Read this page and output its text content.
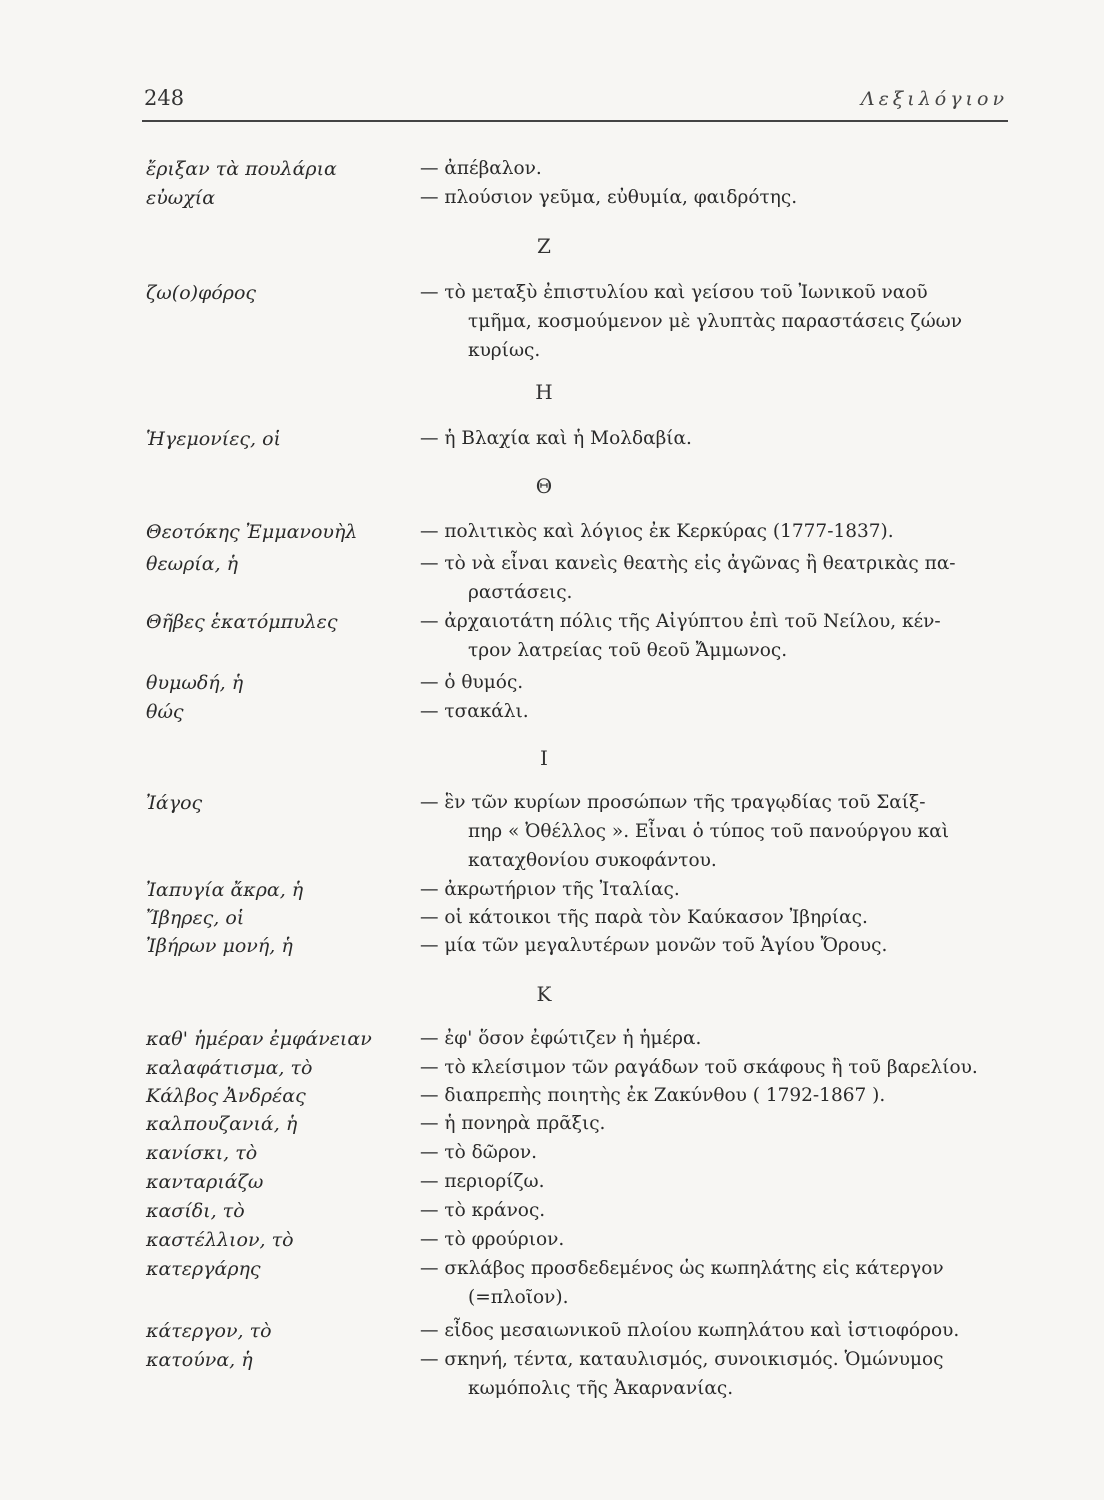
248	Λεξιλόγιον
ἔριξαν τὰ πουλάρια	— ἀπέβαλον.
εὐωχία	— πλούσιον γεῦμα, εὐθυμία, φαιδρότης.
Ζ
ζω(ο)φόρος	— τὸ μεταξὺ ἐπιστυλίου καὶ γείσου τοῦ Ἰωνικοῦ ναοῦ
τμῆμα, κοσμούμενον μὲ γλυπτὰς παραστάσεις ζώων
κυρίως.
Η
Ἡγεμονίες, οἱ	— ἡ Βλαχία καὶ ἡ Μολδαβία.
Θ
Θεοτόκης Ἐμμανουὴλ	— πολιτικὸς καὶ λόγιος ἐκ Κερκύρας (1777-1837).
θεωρία, ἡ	— τὸ νὰ εἶναι κανεὶς θεατὴς εἰς ἀγῶνας ἢ θεατρικὰς πα-
ραστάσεις.
Θῆβες ἑκατόμπυλες	— ἀρχαιοτάτη πόλις τῆς Αἰγύπτου ἐπὶ τοῦ Νείλου, κέν-
τρον λατρείας τοῦ θεοῦ Ἄμμωνος.
θυμωδή, ἡ	— ὁ θυμός.
θώς	— τσακάλι.
Ι
Ἰάγος	— ἓν τῶν κυρίων προσώπων τῆς τραγῳδίας τοῦ Σαίξ-
πηρ « Ὀθέλλος ». Εἶναι ὁ τύπος τοῦ πανούργου καὶ
καταχθονίου συκοφάντου.
Ἰαπυγία ἄκρα, ἡ	— ἀκρωτήριον τῆς Ἰταλίας.
Ἴβηρες, οἱ	— οἱ κάτοικοι τῆς παρὰ τὸν Καύκασον Ἰβηρίας.
Ἰβήρων μονή, ἡ	— μία τῶν μεγαλυτέρων μονῶν τοῦ Ἁγίου Ὄρους.
Κ
καθ' ἡμέραν ἐμφάνειαν	— ἐφ' ὅσον ἐφώτιζεν ἡ ἡμέρα.
καλαφάτισμα, τὸ	— τὸ κλείσιμον τῶν ραγάδων τοῦ σκάφους ἢ τοῦ βαρελίου.
Κάλβος Ἀνδρέας	— διαπρεπὴς ποιητὴς ἐκ Ζακύνθου ( 1792-1867 ).
καλπουζανιά, ἡ	— ἡ πονηρὰ πρᾶξις.
κανίσκι, τὸ	— τὸ δῶρον.
κανταριάζω	— περιορίζω.
κασίδι, τὸ	— τὸ κράνος.
καστέλλιον, τὸ	— τὸ φρούριον.
κατεργάρης	— σκλάβος προσδεδεμένος ὡς κωπηλάτης εἰς κάτεργον
(=πλοῖον).
κάτεργον, τὸ	— εἶδος μεσαιωνικοῦ πλοίου κωπηλάτου καὶ ἱστιοφόρου.
κατούνα, ἡ	— σκηνή, τέντα, καταυλισμός, συνοικισμός. Ὁμώνυμος
κωμόπολις τῆς Ἀκαρνανίας.
